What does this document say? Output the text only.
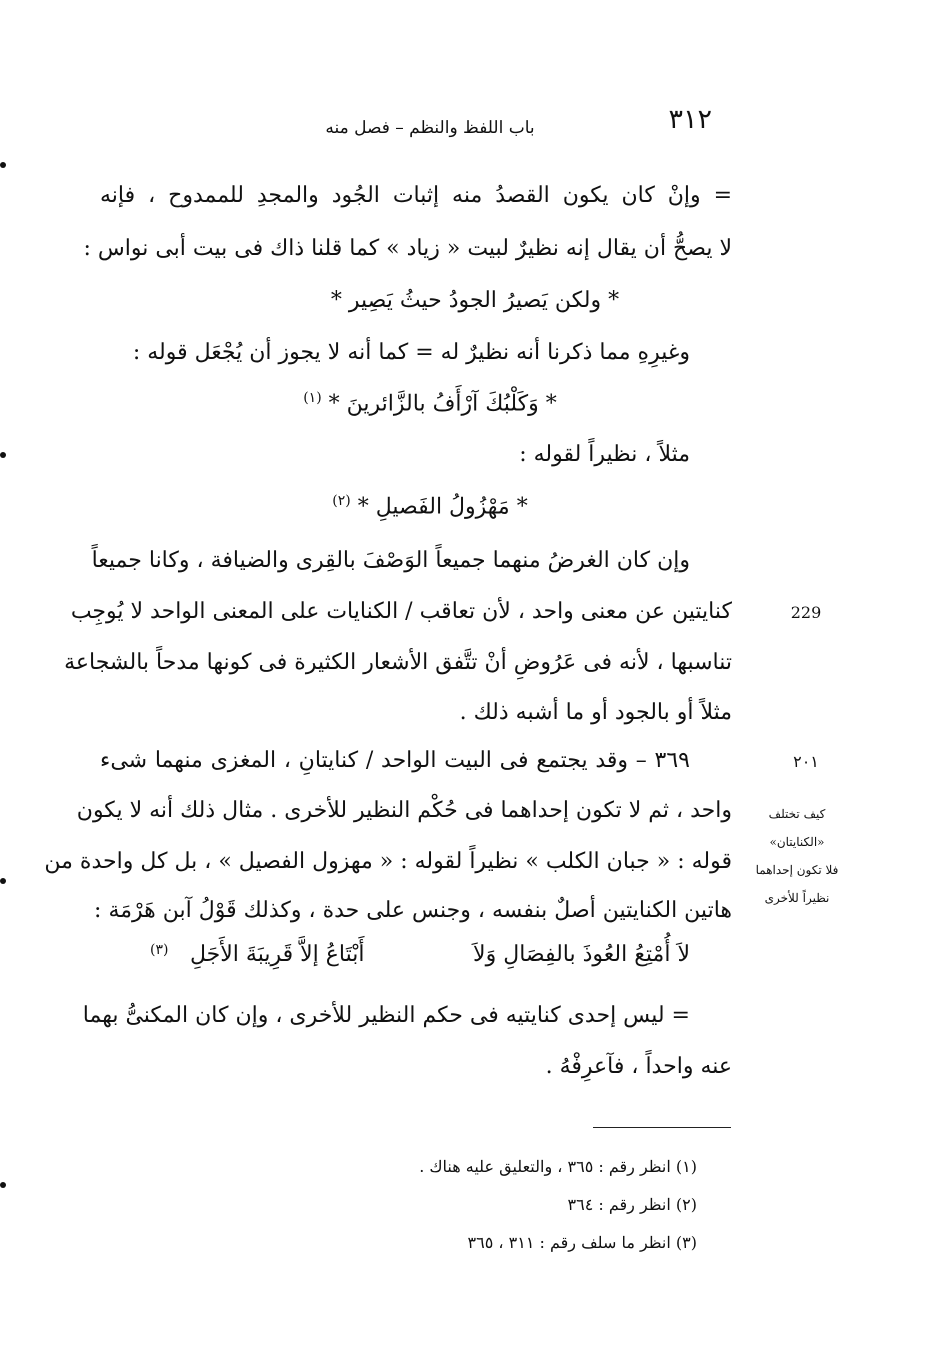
٣١٢
باب اللفظ والنظم – فصل منه
= وإنْ كان يكون القصدُ منه إثبات الجُود والمجدِ للممدوح ، فإنه
لا يصحُّ أن يقال إنه نظيرٌ لبيت « زياد » كما قلنا ذاك فى بيت أبى نواس :
* ولكن يَصيرُ الجودُ حيثُ يَصِير *
وغيرِهِ مما ذكرنا أنه نظيرٌ له = كما أنه لا يجوز أن يُجْعَل قوله :
* وَكَلْبُكَ آرْأَفُ بالزَّائرينَ * $^{(١)}$
مثلاً ، نظيراً لقوله :
* مَهْزُولُ الفَصيلِ * $^{(٢)}$
وإن كان الغرضُ منهما جميعاً الوَصْفَ بالقِرى والضيافة ، وكانا جميعاً
كنايتين عن معنى واحد ، لأن تعاقب / الكنايات على المعنى الواحد لا يُوجِب
تناسبها ، لأنه فى عَرُوضِ أنْ تتَّفق الأشعار الكثيرة فى كونها مدحاً بالشجاعة
مثلاً أو بالجود أو ما أشبه ذلك .
٣٦٩ – وقد يجتمع فى البيت الواحد / كنايتانِ ، المغزى منهما شىء
واحد ، ثم لا تكون إحداهما فى حُكْم النظير للأخرى . مثال ذلك أنه لا يكون
قوله : « جبان الكلب » نظيراً لقوله : « مهزول الفصيل » ، بل كل واحدة من
هاتين الكنايتين أصلٌ بنفسه ، وجنس على حدة ، وكذلك قَوْلُ آبن هَرْمَة :
لاَ أُمْتِعُ العُوذَ بالفِصَالِ وَلاَ
أَبْتَاعُ إلاَّ قَرِيبَةَ الأَجَلِ
(٣)
= ليس إحدى كنايتيه فى حكم النظير للأخرى ، وإن كان المكنىُّ بهما
عنه واحداً ، فآعرِفْهُ .
229
٢٠١
كيف تختلف «الكنايتان»
فلا تكون إحداهما
نظيراً للأخرى
(١) انظر رقم : ٣٦٥ ، والتعليق عليه هناك .
(٢) انظر رقم : ٣٦٤
(٣) انظر ما سلف رقم : ٣١١ ، ٣٦٥
